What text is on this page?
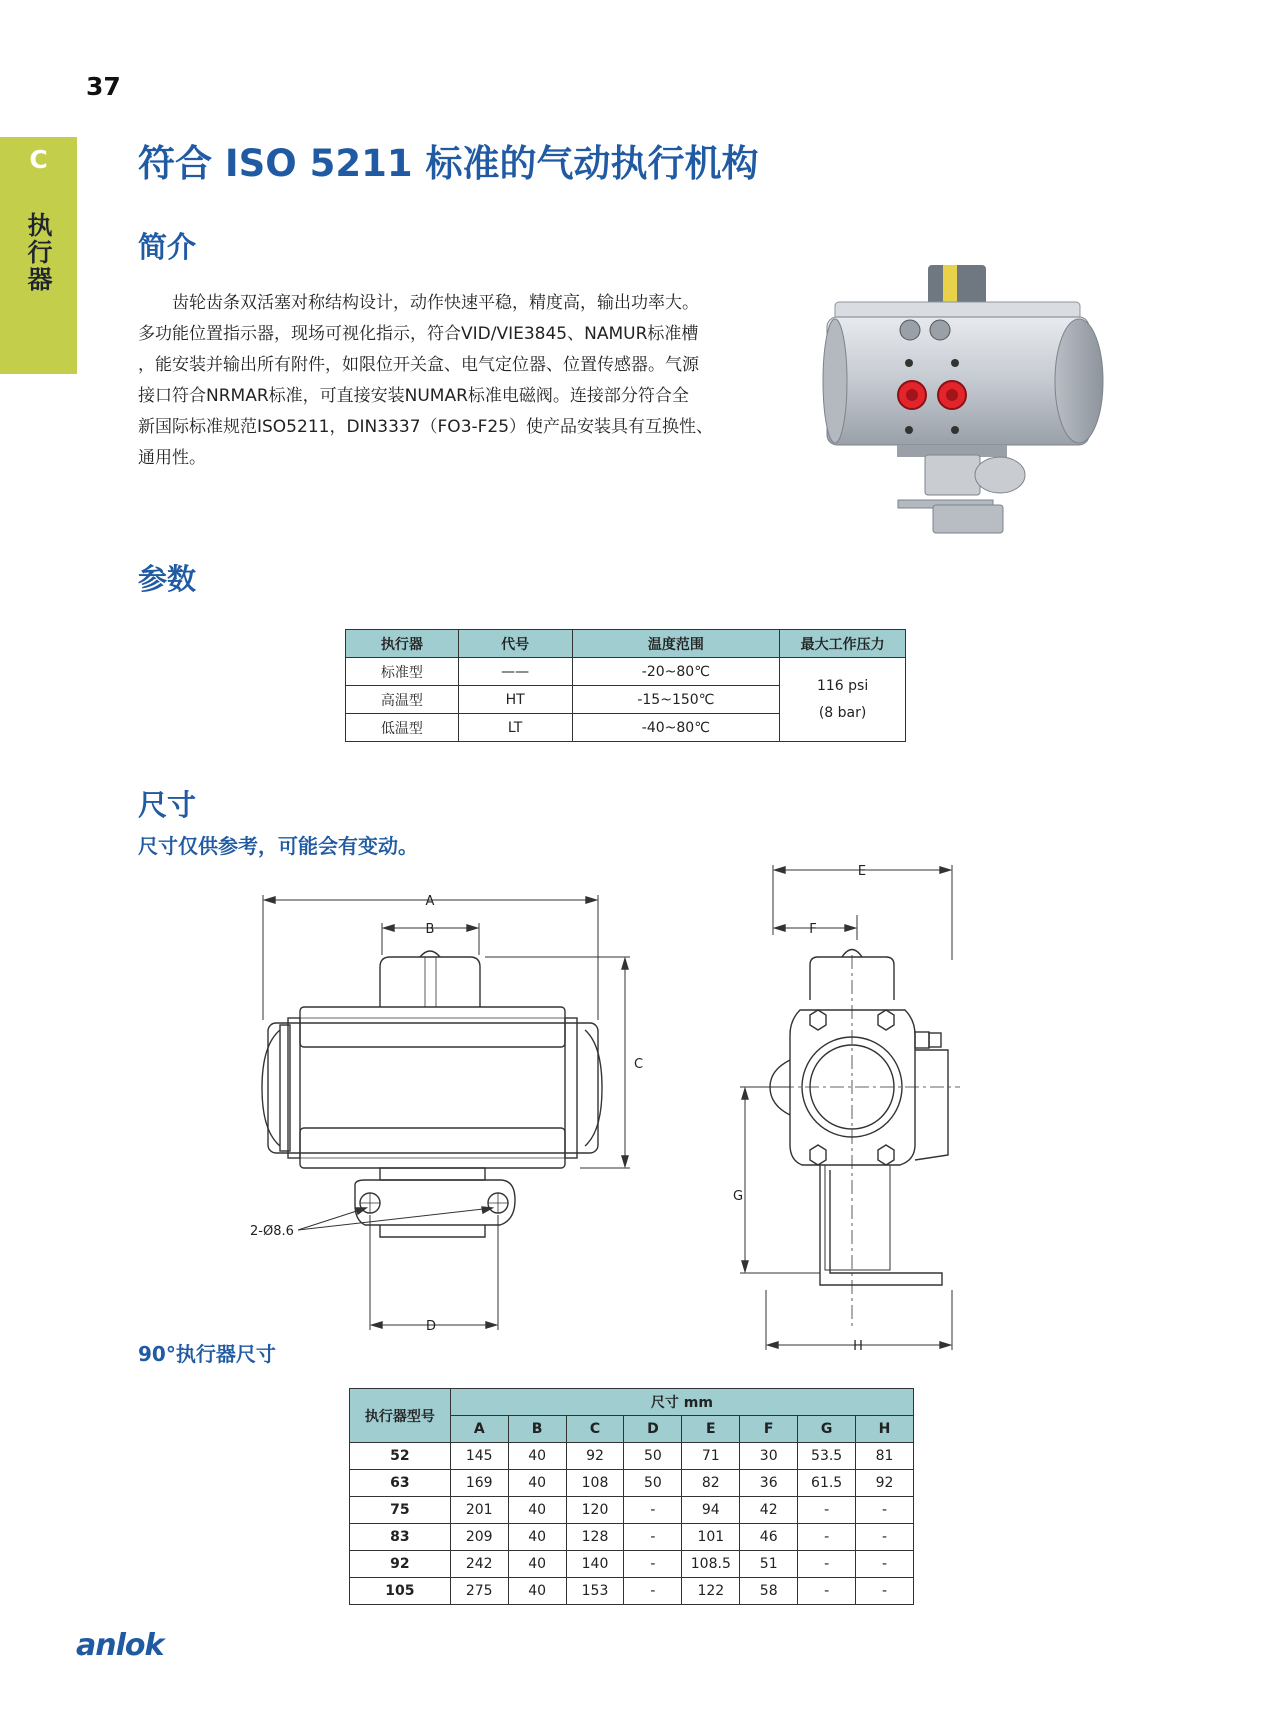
37
C
执行器
符合 ISO 5211 标准的气动执行机构
简介

齿轮齿条双活塞对称结构设计，动作快速平稳，精度高，输出功率大。

多功能位置指示器，现场可视化指示，符合VID/VIE3845、NAMUR标准槽

，能安装并输出所有附件，如限位开关盒、电气定位器、位置传感器。气源

接口符合NRMAR标准，可直接安装NUMAR标准电磁阀。连接部分符合全

新国际标准规范ISO5211，DIN3337（FO3-F25）使产品安装具有互换性、

通用性。

参数
执行器	代号	温度范围	最大工作压力
标准型	——	-20~80℃	116 psi
(8 bar)

高温型	HT	-15~150℃	
低温型	LT	-40~80℃	
尺寸
尺寸仅供参考，可能会有变动。
A
B
C
2-Ø8.6
D
E
F
G
H
90°执行器尺寸
执行器型号	尺寸 mm							
	A	B	C	D	E	F	G	H
52	145	40	92	50	71	30	53.5	81
63	169	40	108	50	82	36	61.5	92
75	201	40	120	-	94	42	-	-
83	209	40	128	-	101	46	-	-
92	242	40	140	-	108.5	51	-	-
105	275	40	153	-	122	58	-	-
anlok
